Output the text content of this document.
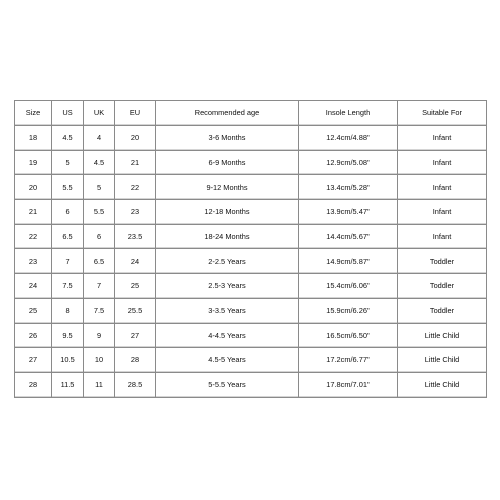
Size	US	UK	EU	Recommended age	Insole Length	Suitable For
18	4.5	4	20	3-6 Months	12.4cm/4.88''	Infant
19	5	4.5	21	6-9 Months	12.9cm/5.08''	Infant
20	5.5	5	22	9-12 Months	13.4cm/5.28''	Infant
21	6	5.5	23	12-18 Months	13.9cm/5.47''	Infant
22	6.5	6	23.5	18-24 Months	14.4cm/5.67''	Infant
23	7	6.5	24	2-2.5 Years	14.9cm/5.87''	Toddler
24	7.5	7	25	2.5-3 Years	15.4cm/6.06''	Toddler
25	8	7.5	25.5	3-3.5 Years	15.9cm/6.26''	Toddler
26	9.5	9	27	4-4.5 Years	16.5cm/6.50''	Little Child
27	10.5	10	28	4.5-5 Years	17.2cm/6.77''	Little Child
28	11.5	11	28.5	5-5.5 Years	17.8cm/7.01''	Little Child
